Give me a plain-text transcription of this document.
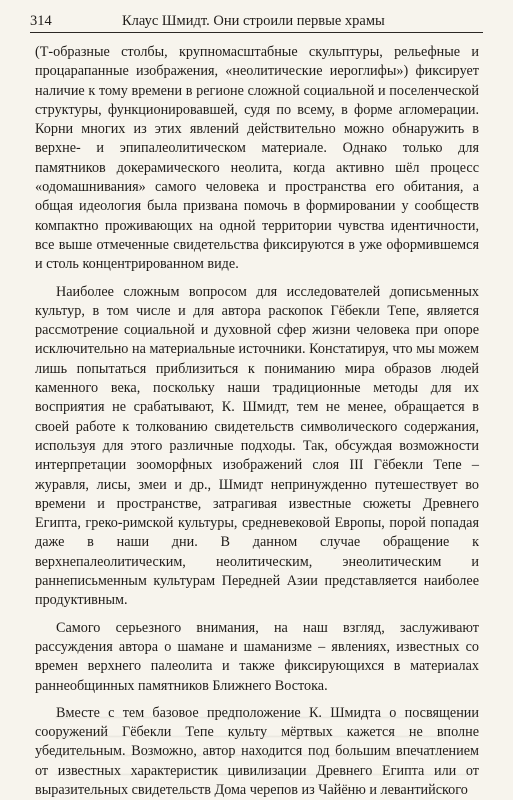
314	Клаус Шмидт. Они строили первые храмы

(Т-образные столбы, крупномасштабные скульптуры, рельефные и процарапанные изображения, «неолитические иероглифы») фиксирует наличие к тому времени в регионе сложной социальной и поселенческой структуры, функционировавшей, судя по всему, в форме агломерации. Корни многих из этих явлений действительно можно обнаружить в верхне- и эпипалеолитическом материале. Однако только для памятников докерамического неолита, когда активно шёл процесс «одомашнивания» самого человека и пространства его обитания, а общая идеология была призвана помочь в формировании у сообществ компактно проживающих на одной территории чувства идентичности, все выше отмеченные свидетельства фиксируются в уже оформившемся и столь концентрированном виде.

Наиболее сложным вопросом для исследователей дописьменных культур, в том числе и для автора раскопок Гёбекли Тепе, является рассмотрение социальной и духовной сфер жизни человека при опоре исключительно на материальные источники. Констатируя, что мы можем лишь попытаться приблизиться к пониманию мира образов людей каменного века, поскольку наши традиционные методы для их восприятия не срабатывают, К. Шмидт, тем не менее, обращается в своей работе к толкованию свидетельств символического содержания, используя для этого различные подходы. Так, обсуждая возможности интерпретации зооморфных изображений слоя III Гёбекли Тепе – журавля, лисы, змеи и др., Шмидт непринужденно путешествует во времени и пространстве, затрагивая известные сюжеты Древнего Египта, греко-римской культуры, средневековой Европы, порой попадая даже в наши дни. В данном случае обращение к верхнепалеолитическим, неолитическим, энеолитическим и раннеписьменным культурам Передней Азии представляется наиболее продуктивным.

Самого серьезного внимания, на наш взгляд, заслуживают рассуждения автора о шамане и шаманизме – явлениях, известных со времен верхнего палеолита и также фиксирующихся в материалах раннеобщинных памятников Ближнего Востока.

Вместе с тем базовое предположение К. Шмидта о посвящении сооружений Гёбекли Тепе культу мёртвых кажется не вполне убедительным. Возможно, автор находится под большим впечатлением от известных характеристик цивилизации Древнего Египта или от выразительных свидетельств Дома черепов из Чайёню и левантийского
